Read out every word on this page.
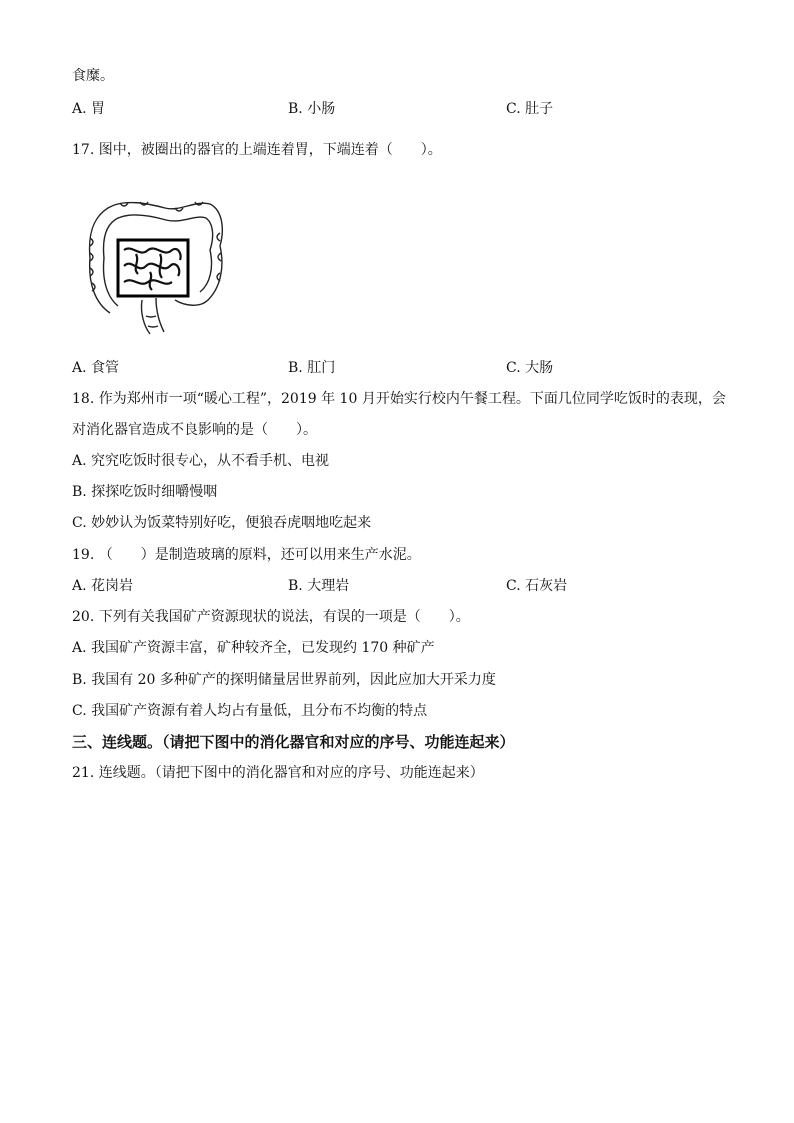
食糜。
A. 胃	B. 小肠	C. 肚子
17. 图中，被圈出的器官的上端连着胃，下端连着（　　）。
A. 食管	B. 肛门	C. 大肠
18. 作为郑州市一项“暖心工程”，2019 年 10 月开始实行校内午餐工程。下面几位同学吃饭时的表现，会
对消化器官造成不良影响的是（　　）。
A. 究究吃饭时很专心，从不看手机、电视
B. 探探吃饭时细嚼慢咽
C. 妙妙认为饭菜特别好吃，便狼吞虎咽地吃起来
19. （　　）是制造玻璃的原料，还可以用来生产水泥。
A. 花岗岩	B. 大理岩	C. 石灰岩
20. 下列有关我国矿产资源现状的说法，有误的一项是（　　）。
A. 我国矿产资源丰富，矿种较齐全，已发现约 170 种矿产
B. 我国有 20 多种矿产的探明储量居世界前列，因此应加大开采力度
C. 我国矿产资源有着人均占有量低，且分布不均衡的特点
三、连线题。（请把下图中的消化器官和对应的序号、功能连起来）
21. 连线题。（请把下图中的消化器官和对应的序号、功能连起来）
